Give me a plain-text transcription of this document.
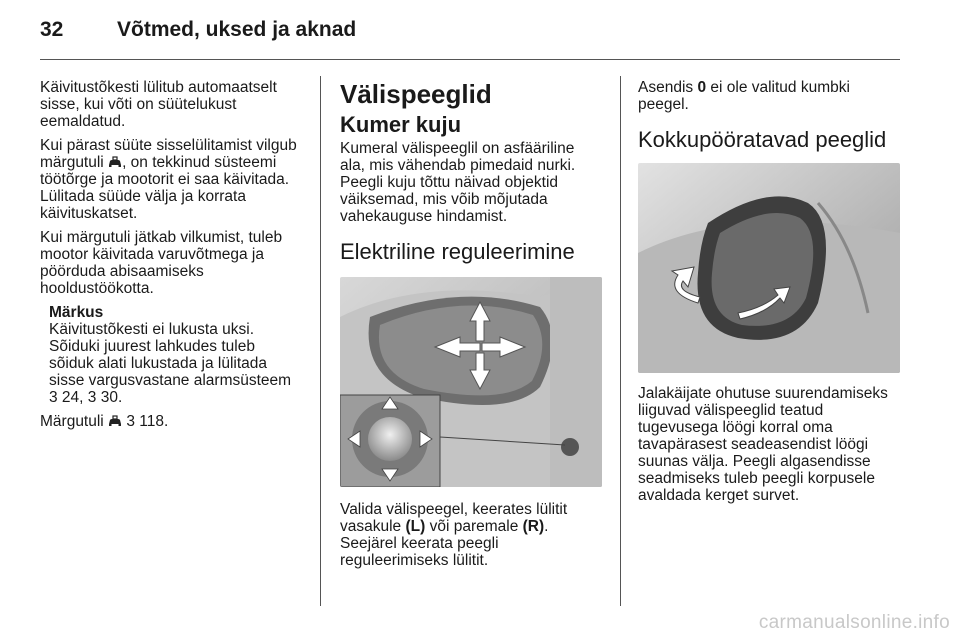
32	Võtmed, uksed ja aknad

Käivitustõkesti lülitub automaatselt
sisse, kui võti on süütelukust
eemaldatud.

Kui pärast süüte sisselülitamist vilgub
märgutuli , on tekkinud süsteemi
töötõrge ja mootorit ei saa käivitada.
Lülitada süüde välja ja korrata
käivituskatset.

Kui märgutuli jätkab vilkumist, tuleb
mootor käivitada varuvõtmega ja
pöörduda abisaamiseks
hooldustöökotta.

Märkus
Käivitustõkesti ei lukusta uksi.
Sõiduki juurest lahkudes tuleb
sõiduk alati lukustada ja lülitada
sisse vargusvastane alarmsüsteem
3 24, 3 30.

Märgutuli  3 118.

Välispeeglid
Kumer kuju

Kumeral välispeeglil on asfääriline
ala, mis vähendab pimedaid nurki.
Peegli kuju tõttu näivad objektid
väiksemad, mis võib mõjutada
vahekauguse hindamist.

Elektriline reguleerimine

Valida välispeegel, keerates lülitit
vasakule (L) või paremale (R).
Seejärel keerata peegli
reguleerimiseks lülitit.

Asendis 0 ei ole valitud kumbki
peegel.

Kokkupööratavad peeglid

Jalakäijate ohutuse suurendamiseks
liiguvad välispeeglid teatud
tugevusega löögi korral oma
tavapärasest seadeasendist löögi
suunas välja. Peegli algasendisse
seadmiseks tuleb peegli korpusele
avaldada kerget survet.

carmanualsonline.info
